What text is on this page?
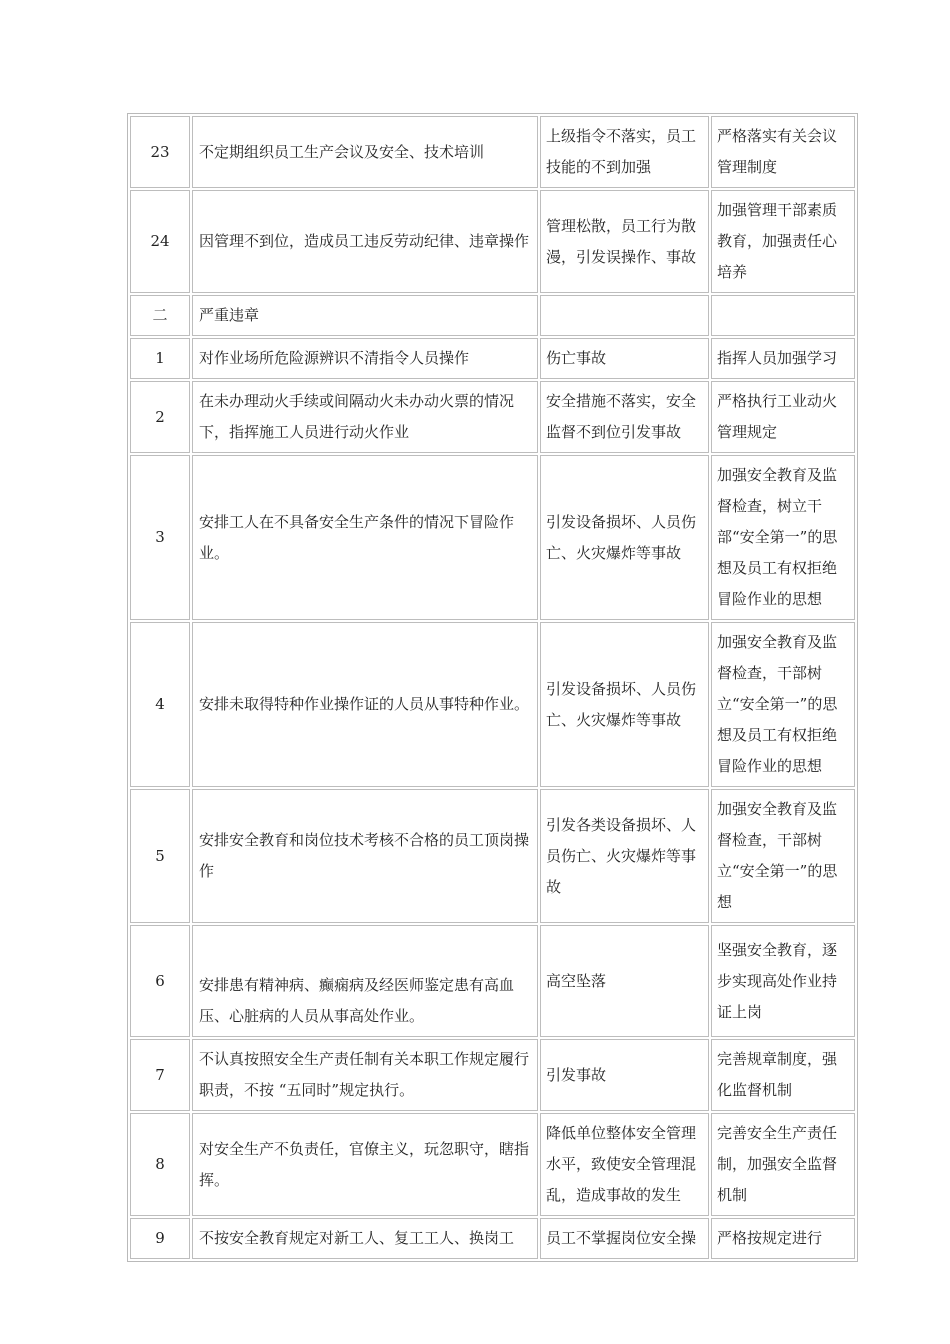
23	不定期组织员工生产会议及安全、技术培训	上级指令不落实，员工技能的不到加强	严格落实有关会议管理制度
24	因管理不到位，造成员工违反劳动纪律、违章操作	管理松散，员工行为散漫，引发误操作、事故	加强管理干部素质教育，加强责任心培养
二	严重违章		
1	对作业场所危险源辨识不清指令人员操作	伤亡事故	指挥人员加强学习
2	在未办理动火手续或间隔动火未办动火票的情况下，指挥施工人员进行动火作业	安全措施不落实，安全监督不到位引发事故	严格执行工业动火管理规定
3	安排工人在不具备安全生产条件的情况下冒险作业。	引发设备损坏、人员伤亡、火灾爆炸等事故	加强安全教育及监督检查，树立干部“安全第一”的思想及员工有权拒绝冒险作业的思想
4	安排未取得特种作业操作证的人员从事特种作业。	引发设备损坏、人员伤亡、火灾爆炸等事故	加强安全教育及监督检查，干部树立“安全第一”的思想及员工有权拒绝冒险作业的思想
5	安排安全教育和岗位技术考核不合格的员工顶岗操作	引发各类设备损坏、人员伤亡、火灾爆炸等事故	加强安全教育及监督检查，干部树立“安全第一”的思想
6	安排患有精神病、癫痫病及经医师鉴定患有高血压、心脏病的人员从事高处作业。	高空坠落	坚强安全教育，逐步实现高处作业持证上岗
7	不认真按照安全生产责任制有关本职工作规定履行职责，不按 “五同时”规定执行。	引发事故	完善规章制度，强化监督机制
8	对安全生产不负责任，官僚主义，玩忽职守，瞎指挥。	降低单位整体安全管理水平，致使安全管理混乱，造成事故的发生	完善安全生产责任制，加强安全监督机制
9	不按安全教育规定对新工人、复工工人、换岗工	员工不掌握岗位安全操	严格按规定进行
